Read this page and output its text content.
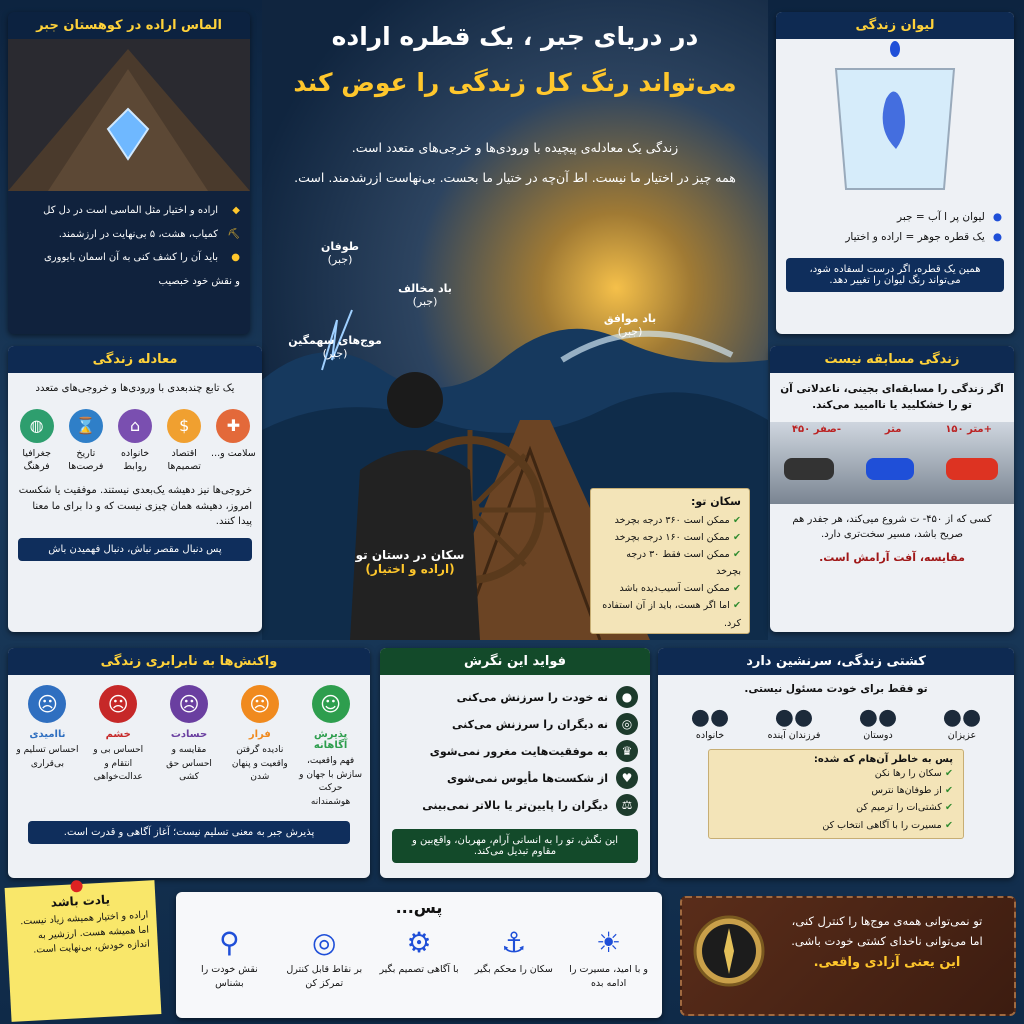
در دریای جبر ، یک قطره اراده
می‌تواند رنگ کل زندگی را عوض کند
زندگی یک معادله‌ی پیچیده با ورودی‌ها و خرجی‌های متعدد است.
همه چیز در اختیار ما نیست. اط آن‌چه در ختیار ما بحست. بی‌نهاست ازرشدمند. است.
طوفان
(جبر)
باد مخالف
(جبر)
موج‌های سهمگین
(جبر)
باد موافق
(جبر)
سکان در دستان تو
(اراده و اختیار)
سکان تو:
✔ ممکن است ۳۶۰ درجه بچرخد
✔ ممکن است ۱۶۰ درجه بچرخد
✔ ممکن است فقط ۳۰ درجه بچرخد
✔ ممکن است آسیب‌دیده باشد
✔ اما اگر هست، باید از آن استفاده کرد.
الماس اراده در کوهستان جبر
◆
اراده و اختیار مثل الماسی است در دل کل
⛏
کمیاب، هشت، ۵ بی‌نهایت در ارزشمند.
●
باید آن را کشف کنی به آن اسمان بایووری
و نقش خود خبصیب
لیوان زندگی
●
لیوان پر ا آب = جبر
●
یک قطره جوهر = اراده و اختیار
همین یک قطره، اگر درست لسفاده شود، می‌تواند رنگ لیوان را تغییر دهد.
معادله زندگی
یک تابع چندبعدی با ورودی‌ها و خروجی‌های متعدد
✚
سلامت و...
$
اقتصاد تصمیم‌ها
⌂
خانواده روابط
⌛
تاریخ فرصت‌ها
◍
جغرافیا فرهنگ
خروجی‌ها نیز دهیشه یک‌بعدی نیستند. موفقیت یا شکست امروز، دهیشه همان چیزی نیست که و دا برای ما معنا پیدا کنند.
پس دنبال مقصر نباش، دنبال فهمیدن باش
زندگی مسابقه نیست
اگر زندگی را مسابقه‌ای بجینی، ناعدلاتی آن تو را خشکلیید یا ناامیید می‌کند.
صفر ۴۵۰-	متر	متر ۱۵۰+
کسی که از ۴۵۰- ت شروع میی‌کند، هر جفدر هم صریح باشد، مسیر سخت‌تری دارد.
مقایسه، آفت آرامش است.
واکنش‌ها به نابرابری زندگی
☺
پذیرش آگاهانه
فهم واقعیت، سازش با جهان و حرکت هوشمندانه
☹
فرار
نادیده گرفتن واقعیت و پنهان شدن
☹
حسادت
مقایسه و احساس حق کشی
☹
خشم
احساس بی و انتقام و عدالت‌خواهی
☹
ناامیدی
احساس تسلیم و بی‌قراری
پذیرش جبر به معنی تسلیم نیست؛ آغاز آگاهی و قدرت است.
فواید این نگرش
●
نه خودت را سرزنش می‌کنی
◎
نه دیگران را سرزنش می‌کنی
♛
به موفقیت‌هایت مغرور نمی‌شوی
♥
از شکست‌ها مأیوس نمی‌شوی
⚖
دیگران را پایین‌تر یا بالاتر نمی‌بینی
این نگش، تو را به انسانی آرام، مهربان، واقع‌بین و مقاوم تبدیل می‌کند.
کشتی زندگی، سرنشین دارد
تو فقط برای خودت مسئول نیستی.
●●
عزیزان
●●
دوستان
●●
فرزندان آینده
●●
خانواده
پس به خاطر آن‌هام که شده:
✔ سکان را رها نکن
✔ از طوفان‌ها نترس
✔ کشتی‌ات را ترمیم کن
✔ مسیرت را با آگاهی انتخاب کن
یادت باشد
اراده و اختیار همیشه زیاد نیست. اما همیشه هست. ارزشیر به اندازه خودش، بی‌نهایت است.
پس...
☀
و با امید، مسیرت را ادامه بده
⚓
سکان را محکم بگیر
⚙
با آگاهی تصمیم بگیر
◎
بر نقاط قابل کنترل تمرکز کن
⚲
نقش خودت را بشناس
تو نمی‌توانی همه‌ی موج‌ها را کنترل کنی،
اما می‌توانی ناخدای کشتی خودت باشی.
این یعنی آزادی واقعی.
